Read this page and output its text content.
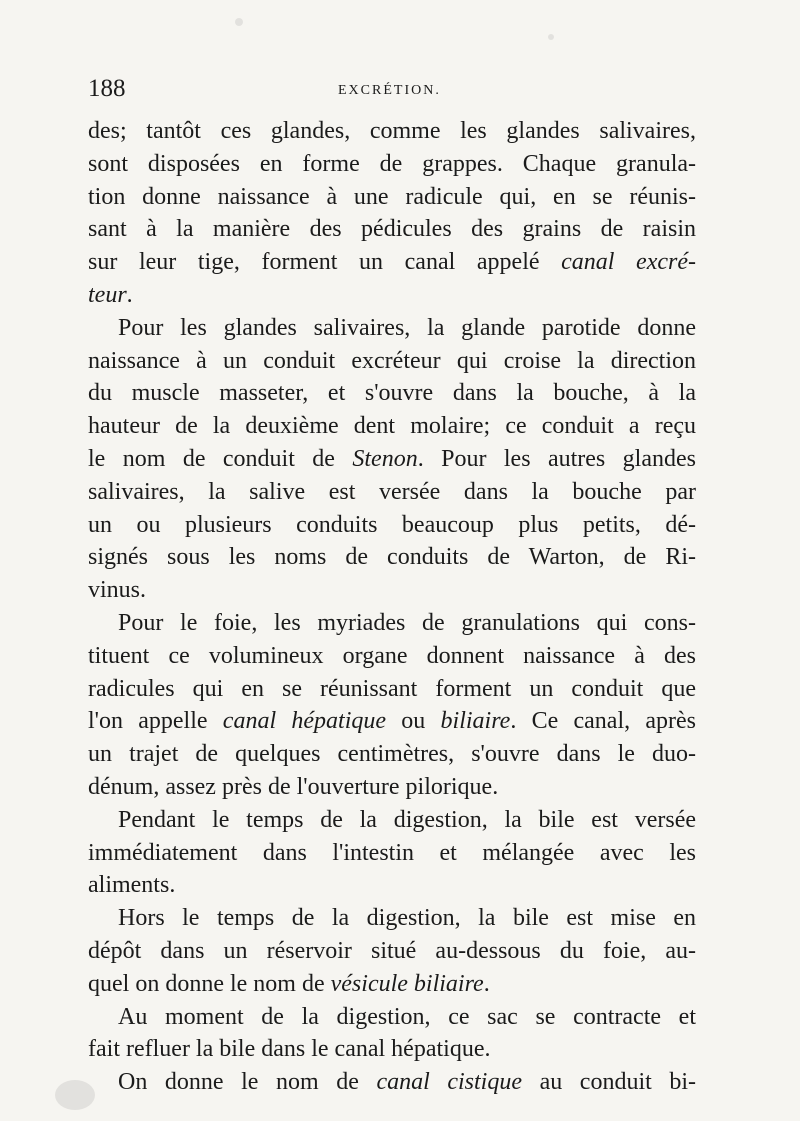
188	EXCRÉTION.
des; tantôt ces glandes, comme les glandes salivaires,
sont disposées en forme de grappes. Chaque granula-
tion donne naissance à une radicule qui, en se réunis-
sant à la manière des pédicules des grains de raisin
sur leur tige, forment un canal appelé canal excré-
teur.
Pour les glandes salivaires, la glande parotide donne
naissance à un conduit excréteur qui croise la direction
du muscle masseter, et s'ouvre dans la bouche, à la
hauteur de la deuxième dent molaire; ce conduit a reçu
le nom de conduit de Stenon. Pour les autres glandes
salivaires, la salive est versée dans la bouche par
un ou plusieurs conduits beaucoup plus petits, dé-
signés sous les noms de conduits de Warton, de Ri-
vinus.
Pour le foie, les myriades de granulations qui cons-
tituent ce volumineux organe donnent naissance à des
radicules qui en se réunissant forment un conduit que
l'on appelle canal hépatique ou biliaire. Ce canal, après
un trajet de quelques centimètres, s'ouvre dans le duo-
dénum, assez près de l'ouverture pilorique.
Pendant le temps de la digestion, la bile est versée
immédiatement dans l'intestin et mélangée avec les
aliments.
Hors le temps de la digestion, la bile est mise en
dépôt dans un réservoir situé au-dessous du foie, au-
quel on donne le nom de vésicule biliaire.
Au moment de la digestion, ce sac se contracte et
fait refluer la bile dans le canal hépatique.
On donne le nom de canal cistique au conduit bi-
